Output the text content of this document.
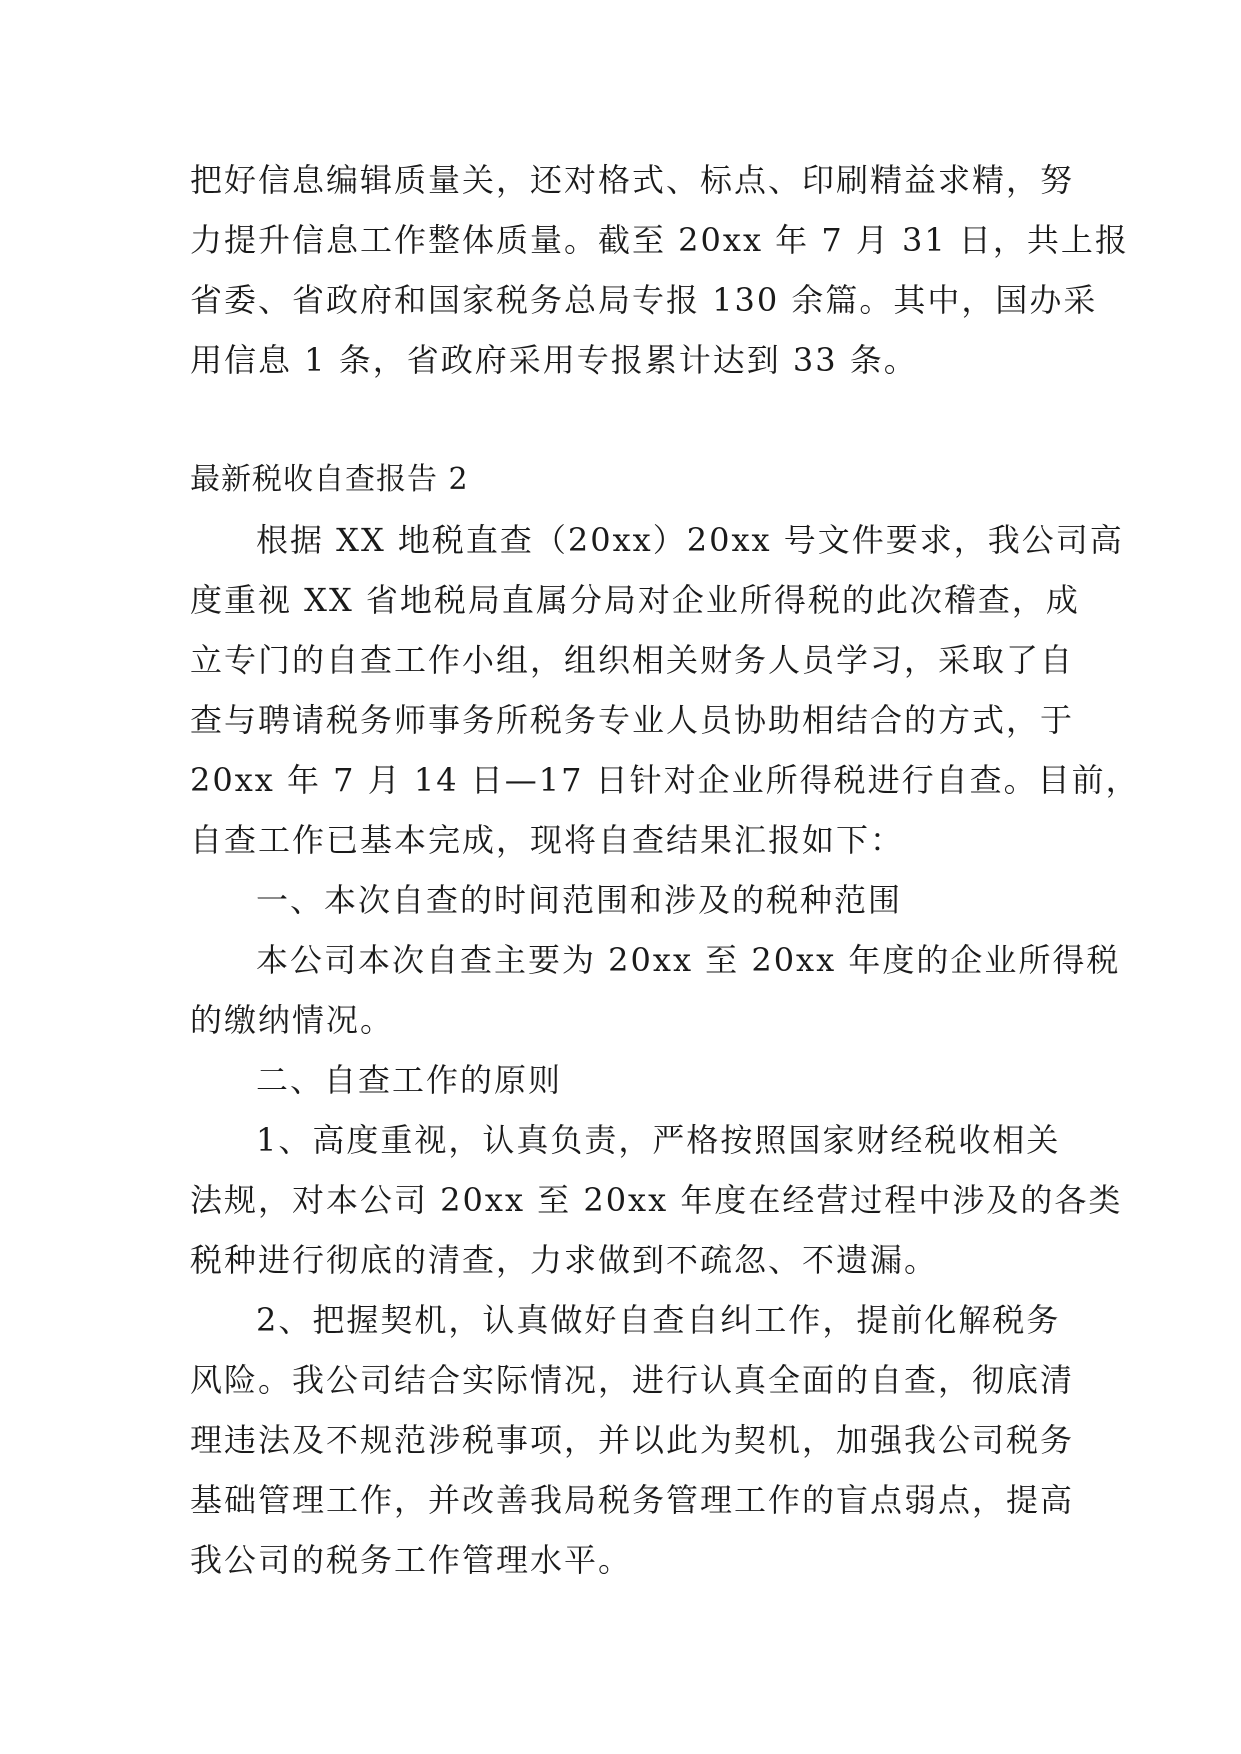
把好信息编辑质量关，还对格式、标点、印刷精益求精，努
力提升信息工作整体质量。截至 20xx 年 7 月 31 日，共上报
省委、省政府和国家税务总局专报 130 余篇。其中，国办采
用信息 1 条，省政府采用专报累计达到 33 条。
最新税收自查报告 2
根据 XX 地税直查（20xx）20xx 号文件要求，我公司高
度重视 XX 省地税局直属分局对企业所得税的此次稽查，成
立专门的自查工作小组，组织相关财务人员学习，采取了自
查与聘请税务师事务所税务专业人员协助相结合的方式，于
20xx 年 7 月 14 日—17 日针对企业所得税进行自查。目前，
自查工作已基本完成，现将自查结果汇报如下：
一、本次自查的时间范围和涉及的税种范围
本公司本次自查主要为 20xx 至 20xx 年度的企业所得税
的缴纳情况。
二、自查工作的原则
1、高度重视，认真负责，严格按照国家财经税收相关
法规，对本公司 20xx 至 20xx 年度在经营过程中涉及的各类
税种进行彻底的清查，力求做到不疏忽、不遗漏。
2、把握契机，认真做好自查自纠工作，提前化解税务
风险。我公司结合实际情况，进行认真全面的自查，彻底清
理违法及不规范涉税事项，并以此为契机，加强我公司税务
基础管理工作，并改善我局税务管理工作的盲点弱点，提高
我公司的税务工作管理水平。
